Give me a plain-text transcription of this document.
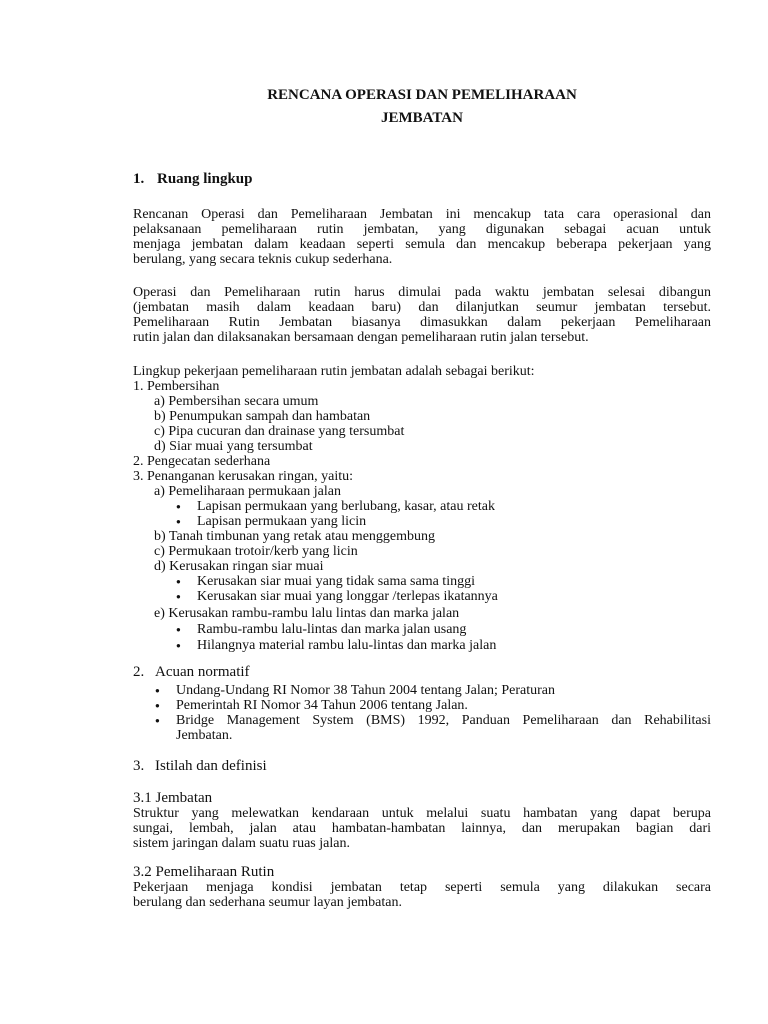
RENCANA OPERASI DAN PEMELIHARAAN
JEMBATAN
1. Ruang lingkup
Rencanan Operasi dan Pemeliharaan Jembatan ini mencakup tata cara operasional dan
pelaksanaan pemeliharaan rutin jembatan, yang digunakan sebagai acuan untuk
menjaga jembatan dalam keadaan seperti semula dan mencakup beberapa pekerjaan yang
berulang, yang secara teknis cukup sederhana.
Operasi dan Pemeliharaan rutin harus dimulai pada waktu jembatan selesai dibangun
(jembatan masih dalam keadaan baru) dan dilanjutkan seumur jembatan tersebut.
Pemeliharaan Rutin Jembatan biasanya dimasukkan dalam pekerjaan Pemeliharaan
rutin jalan dan dilaksanakan bersamaan dengan pemeliharaan rutin jalan tersebut.
Lingkup pekerjaan pemeliharaan rutin jembatan adalah sebagai berikut:
1. Pembersihan
a) Pembersihan secara umum
b) Penumpukan sampah dan hambatan
c) Pipa cucuran dan drainase yang tersumbat
d) Siar muai yang tersumbat
2. Pengecatan sederhana
3. Penanganan kerusakan ringan, yaitu:
a) Pemeliharaan permukaan jalan
● Lapisan permukaan yang berlubang, kasar, atau retak
● Lapisan permukaan yang licin
b) Tanah timbunan yang retak atau menggembung
c) Permukaan trotoir/kerb yang licin
d) Kerusakan ringan siar muai
● Kerusakan siar muai yang tidak sama sama tinggi
● Kerusakan siar muai yang longgar /terlepas ikatannya
e) Kerusakan rambu-rambu lalu lintas dan marka jalan
● Rambu-rambu lalu-lintas dan marka jalan usang
● Hilangnya material rambu lalu-lintas dan marka jalan
2. Acuan normatif
● Undang-Undang RI Nomor 38 Tahun 2004 tentang Jalan; Peraturan
● Pemerintah RI Nomor 34 Tahun 2006 tentang Jalan.
● Bridge Management System (BMS) 1992, Panduan Pemeliharaan dan Rehabilitasi
Jembatan.
3. Istilah dan definisi
3.1 Jembatan
Struktur yang melewatkan kendaraan untuk melalui suatu hambatan yang dapat berupa
sungai, lembah, jalan atau hambatan-hambatan lainnya, dan merupakan bagian dari
sistem jaringan dalam suatu ruas jalan.
3.2 Pemeliharaan Rutin
Pekerjaan menjaga kondisi jembatan tetap seperti semula yang dilakukan secara
berulang dan sederhana seumur layan jembatan.
